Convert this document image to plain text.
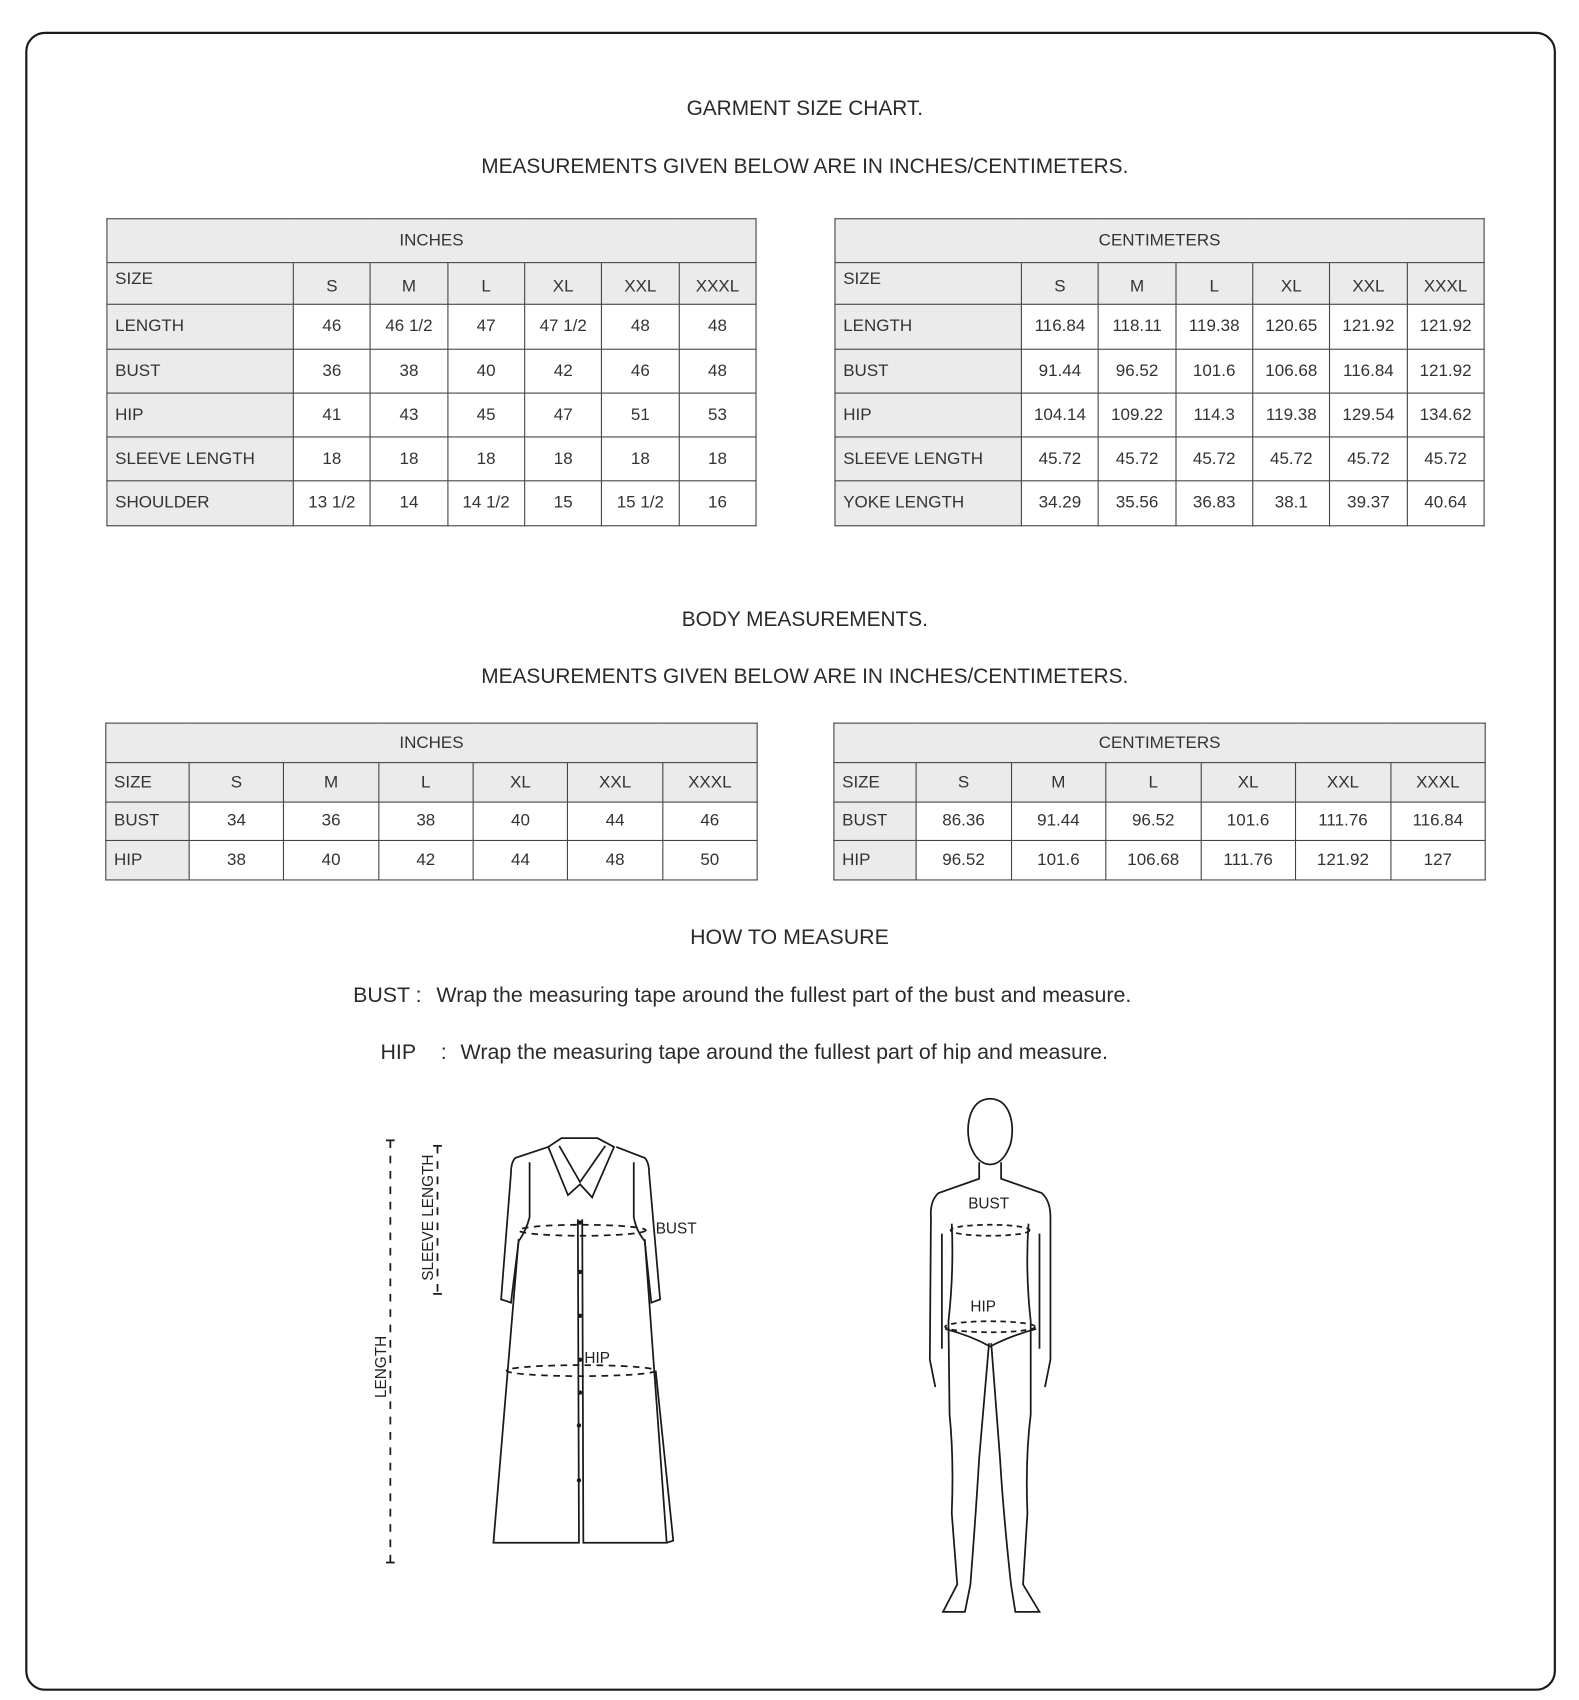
GARMENT SIZE CHART.
MEASUREMENTS GIVEN BELOW ARE IN INCHES/CENTIMETERS.
INCHES						
SIZE	S	M	L	XL	XXL	XXXL
LENGTH	46	46 1/2	47	47 1/2	48	48
BUST	36	38	40	42	46	48
HIP	41	43	45	47	51	53
SLEEVE LENGTH	18	18	18	18	18	18
SHOULDER	13 1/2	14	14 1/2	15	15 1/2	16
CENTIMETERS						
SIZE	S	M	L	XL	XXL	XXXL
LENGTH	116.84	118.11	119.38	120.65	121.92	121.92
BUST	91.44	96.52	101.6	106.68	116.84	121.92
HIP	104.14	109.22	114.3	119.38	129.54	134.62
SLEEVE LENGTH	45.72	45.72	45.72	45.72	45.72	45.72
YOKE LENGTH	34.29	35.56	36.83	38.1	39.37	40.64
BODY MEASUREMENTS.
MEASUREMENTS GIVEN BELOW ARE IN INCHES/CENTIMETERS.
INCHES						
SIZE	S	M	L	XL	XXL	XXXL
BUST	34	36	38	40	44	46
HIP	38	40	42	44	48	50
CENTIMETERS						
SIZE	S	M	L	XL	XXL	XXXL
BUST	86.36	91.44	96.52	101.6	111.76	116.84
HIP	96.52	101.6	106.68	111.76	121.92	127
HOW TO MEASURE
BUST : Wrap the measuring tape around the fullest part of the bust and measure.
HIP : Wrap the measuring tape around the fullest part of hip and measure.
LENGTH
SLEEVE LENGTH	BUST
HIP
BUST
HIP
